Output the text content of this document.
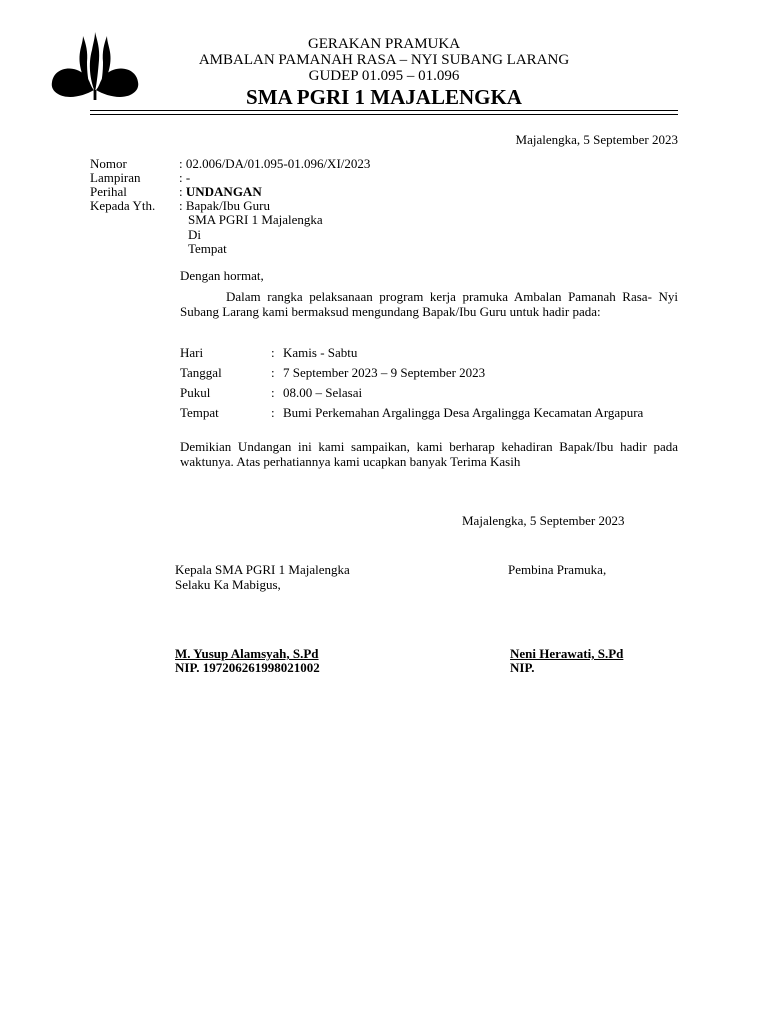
GERAKAN PRAMUKA
AMBALAN PAMANAH RASA – NYI SUBANG LARANG
GUDEP 01.095 – 01.096
SMA PGRI 1 MAJALENGKA
Majalengka, 5 September 2023
Nomor	: 02.006/DA/01.095-01.096/XI/2023
Lampiran	: -
Perihal	: UNDANGAN
Kepada Yth. : Bapak/Ibu Guru
SMA PGRI 1 Majalengka
Di
Tempat
Dengan hormat,
Dalam rangka pelaksanaan program kerja pramuka Ambalan Pamanah Rasa- Nyi Subang Larang kami bermaksud mengundang Bapak/Ibu Guru untuk hadir pada:
Hari	: Kamis - Sabtu
Tanggal	: 7 September 2023 – 9 September 2023
Pukul	: 08.00 – Selasai
Tempat	: Bumi Perkemahan Argalingga Desa Argalingga Kecamatan Argapura
Demikian Undangan ini kami sampaikan, kami berharap kehadiran Bapak/Ibu hadir pada waktunya. Atas perhatiannya kami ucapkan banyak Terima Kasih
Majalengka, 5 September 2023
Kepala SMA PGRI 1 Majalengka
Selaku Ka Mabigus,
Pembina Pramuka,
M. Yusup Alamsyah, S.Pd
NIP. 197206261998021002
Neni Herawati, S.Pd
NIP.
